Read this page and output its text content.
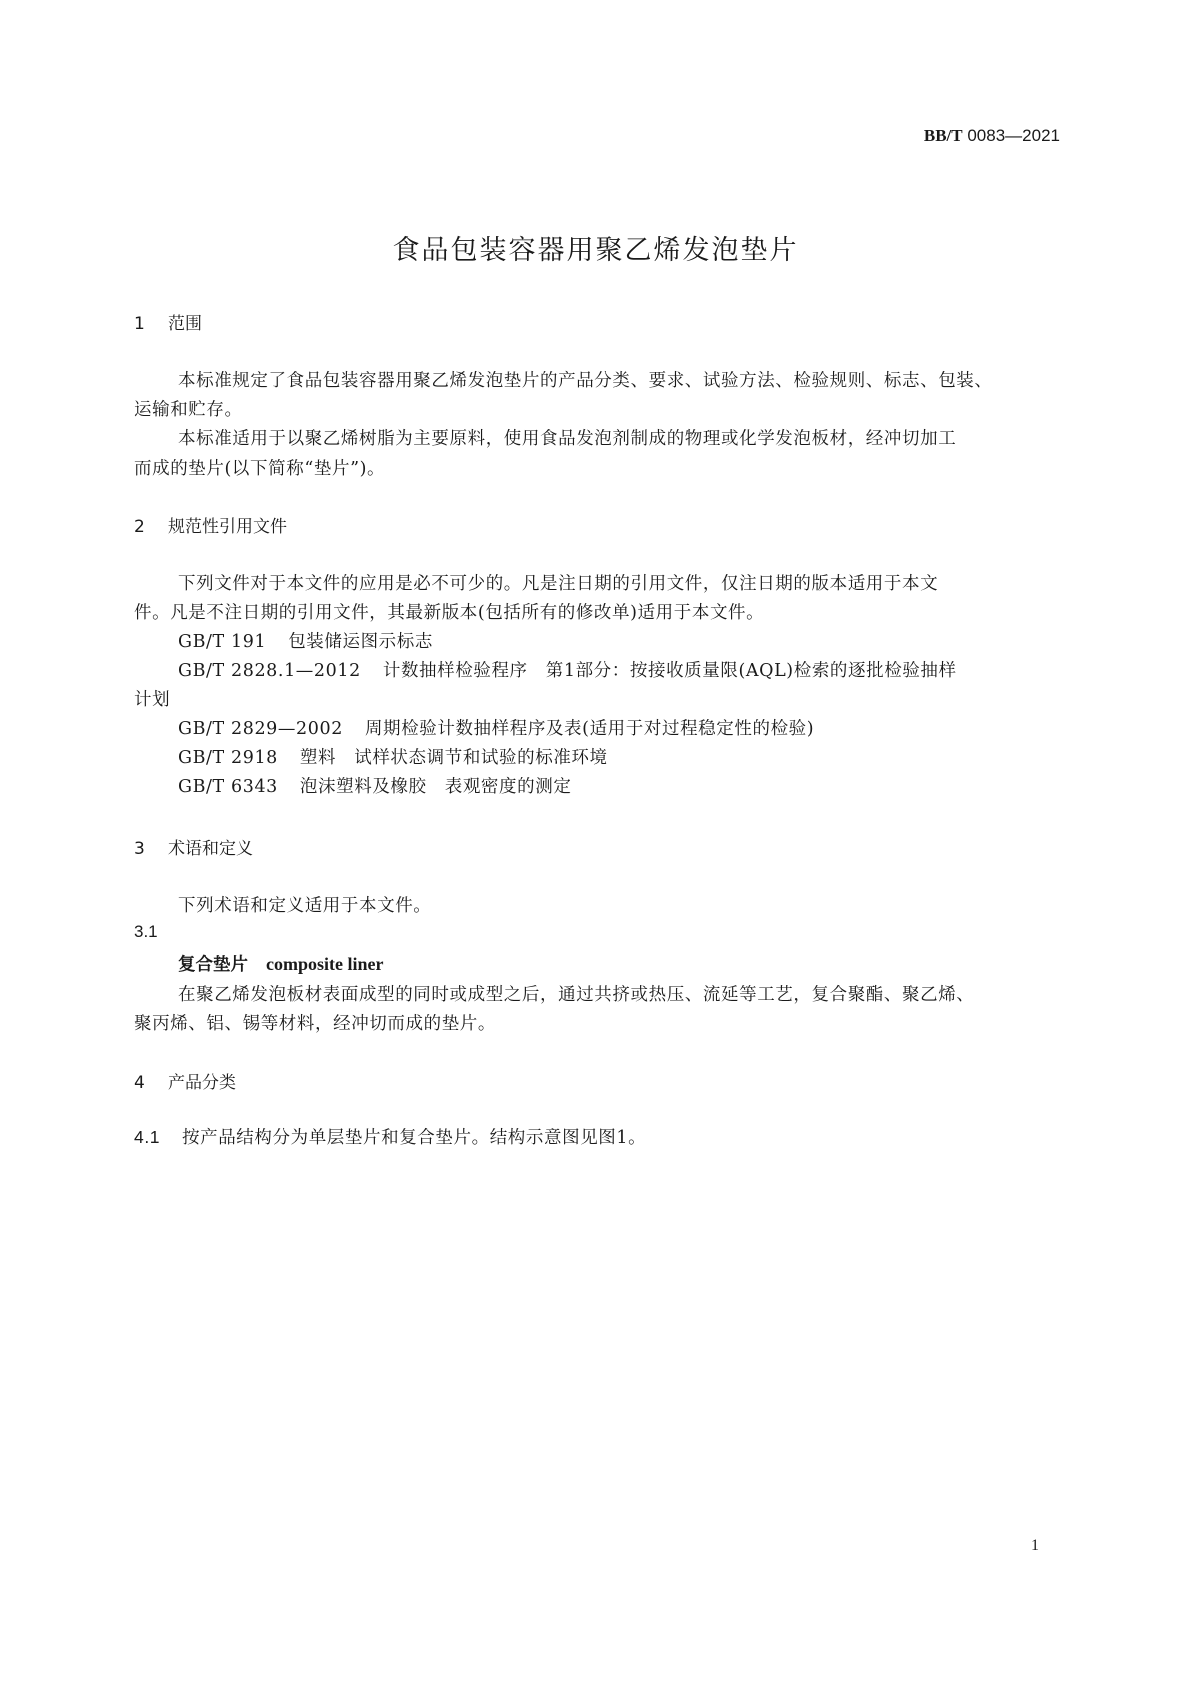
BB/T 0083—2021
食品包装容器用聚乙烯发泡垫片
1 范围
本标准规定了食品包装容器用聚乙烯发泡垫片的产品分类、要求、试验方法、检验规则、标志、包装、
运输和贮存。
本标准适用于以聚乙烯树脂为主要原料，使用食品发泡剂制成的物理或化学发泡板材，经冲切加工
而成的垫片(以下简称“垫片”)。
2 规范性引用文件
下列文件对于本文件的应用是必不可少的。凡是注日期的引用文件，仅注日期的版本适用于本文
件。凡是不注日期的引用文件，其最新版本(包括所有的修改单)适用于本文件。
GB/T 191 包装储运图示标志
GB/T 2828.1—2012 计数抽样检验程序　第1部分：按接收质量限(AQL)检索的逐批检验抽样
计划
GB/T 2829—2002 周期检验计数抽样程序及表(适用于对过程稳定性的检验)
GB/T 2918 塑料　试样状态调节和试验的标准环境
GB/T 6343 泡沫塑料及橡胶　表观密度的测定
3 术语和定义
下列术语和定义适用于本文件。
3.1
复合垫片 composite liner
在聚乙烯发泡板材表面成型的同时或成型之后，通过共挤或热压、流延等工艺，复合聚酯、聚乙烯、
聚丙烯、铝、锡等材料，经冲切而成的垫片。
4 产品分类
4.1 按产品结构分为单层垫片和复合垫片。结构示意图见图1。
1
